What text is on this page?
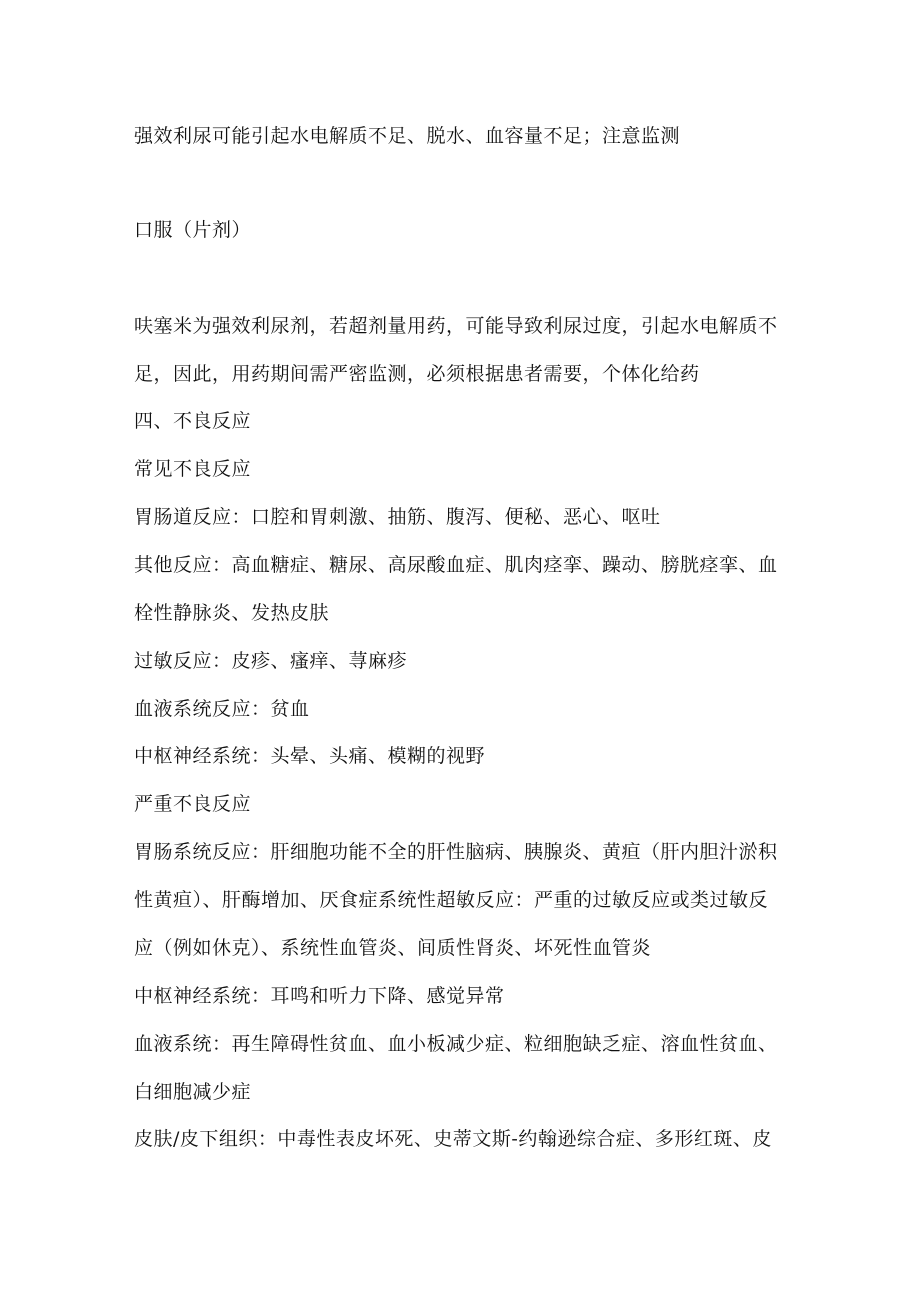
强效利尿可能引起水电解质不足、脱水、血容量不足；注意监测
口服（片剂）
呋塞米为强效利尿剂，若超剂量用药，可能导致利尿过度，引起水电解质不
足，因此，用药期间需严密监测，必须根据患者需要，个体化给药
四、不良反应
常见不良反应
胃肠道反应：口腔和胃刺激、抽筋、腹泻、便秘、恶心、呕吐
其他反应：高血糖症、糖尿、高尿酸血症、肌肉痉挛、躁动、膀胱痉挛、血
栓性静脉炎、发热皮肤
过敏反应：皮疹、瘙痒、荨麻疹
血液系统反应：贫血
中枢神经系统：头晕、头痛、模糊的视野
严重不良反应
胃肠系统反应：肝细胞功能不全的肝性脑病、胰腺炎、黄疸（肝内胆汁淤积
性黄疸）、肝酶增加、厌食症系统性超敏反应：严重的过敏反应或类过敏反
应（例如休克）、系统性血管炎、间质性肾炎、坏死性血管炎
中枢神经系统：耳鸣和听力下降、感觉异常
血液系统：再生障碍性贫血、血小板减少症、粒细胞缺乏症、溶血性贫血、
白细胞减少症
皮肤/皮下组织：中毒性表皮坏死、史蒂文斯-约翰逊综合症、多形红斑、皮
